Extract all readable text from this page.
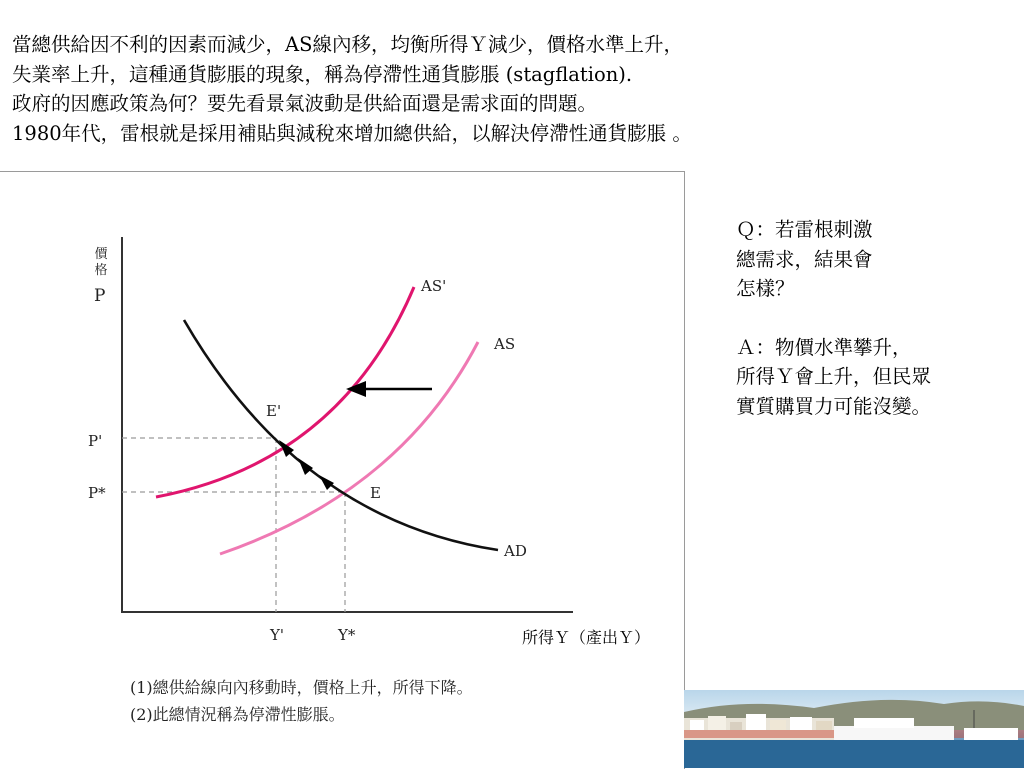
當總供給因不利的因素而減少，AS線內移，均衡所得Ｙ減少，價格水準上升，
失業率上升，這種通貨膨脹的現象，稱為停滯性通貨膨脹 (stagflation).
政府的因應政策為何？要先看景氣波動是供給面還是需求面的問題。
1980年代，雷根就是採用補貼與減稅來增加總供給，以解決停滯性通貨膨脹 。
價格
P	AS'
AS
AD
E'
E
P'
P*
Y'	Y*	所得Ｙ（產出Ｙ）
(1)總供給線向內移動時，價格上升，所得下降。
(2)此總情況稱為停滯性膨脹。
Ｑ：若雷根刺激
總需求，結果會
怎樣？
Ａ：物價水準攀升，
所得Ｙ會上升，但民眾
實質購買力可能沒變。
